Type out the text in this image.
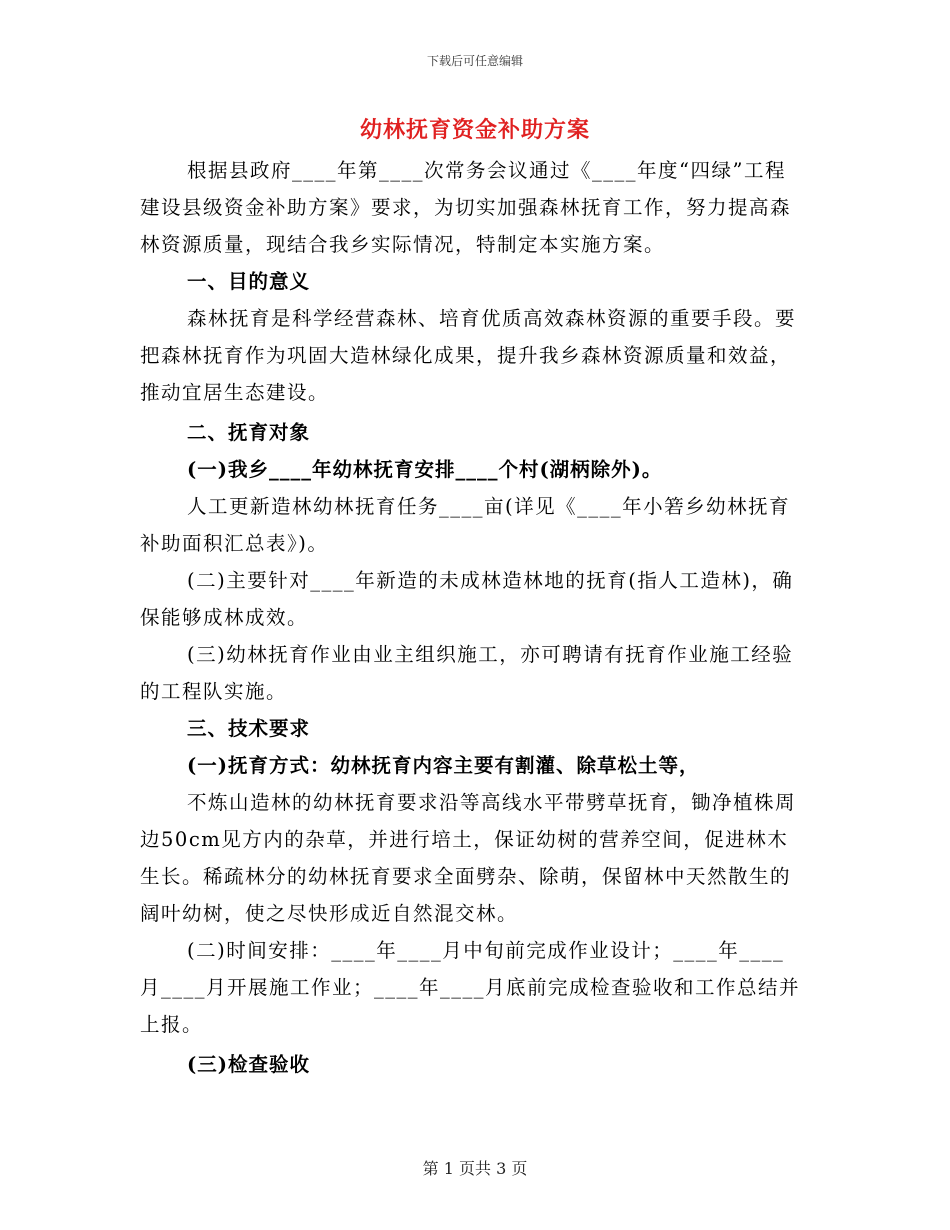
下载后可任意编辑
幼林抚育资金补助方案

根据县政府____年第____次常务会议通过《____年度“四绿”工程建设县级资金补助方案》要求，为切实加强森林抚育工作，努力提高森林资源质量，现结合我乡实际情况，特制定本实施方案。

一、目的意义

森林抚育是科学经营森林、培育优质高效森林资源的重要手段。要把森林抚育作为巩固大造林绿化成果，提升我乡森林资源质量和效益，推动宜居生态建设。

二、抚育对象

(一)我乡____年幼林抚育安排____个村(湖柄除外)。

人工更新造林幼林抚育任务____亩(详见《____年小箬乡幼林抚育补助面积汇总表》)。

(二)主要针对____年新造的未成林造林地的抚育(指人工造林)，确保能够成林成效。

(三)幼林抚育作业由业主组织施工，亦可聘请有抚育作业施工经验的工程队实施。

三、技术要求

(一)抚育方式：幼林抚育内容主要有割灌、除草松土等，

不炼山造林的幼林抚育要求沿等高线水平带劈草抚育，锄净植株周边50cm见方内的杂草，并进行培土，保证幼树的营养空间，促进林木生长。稀疏林分的幼林抚育要求全面劈杂、除萌，保留林中天然散生的阔叶幼树，使之尽快形成近自然混交林。

(二)时间安排：____年____月中旬前完成作业设计；____年____月____月开展施工作业；____年____月底前完成检查验收和工作总结并上报。

(三)检查验收

第 1 页共 3 页
